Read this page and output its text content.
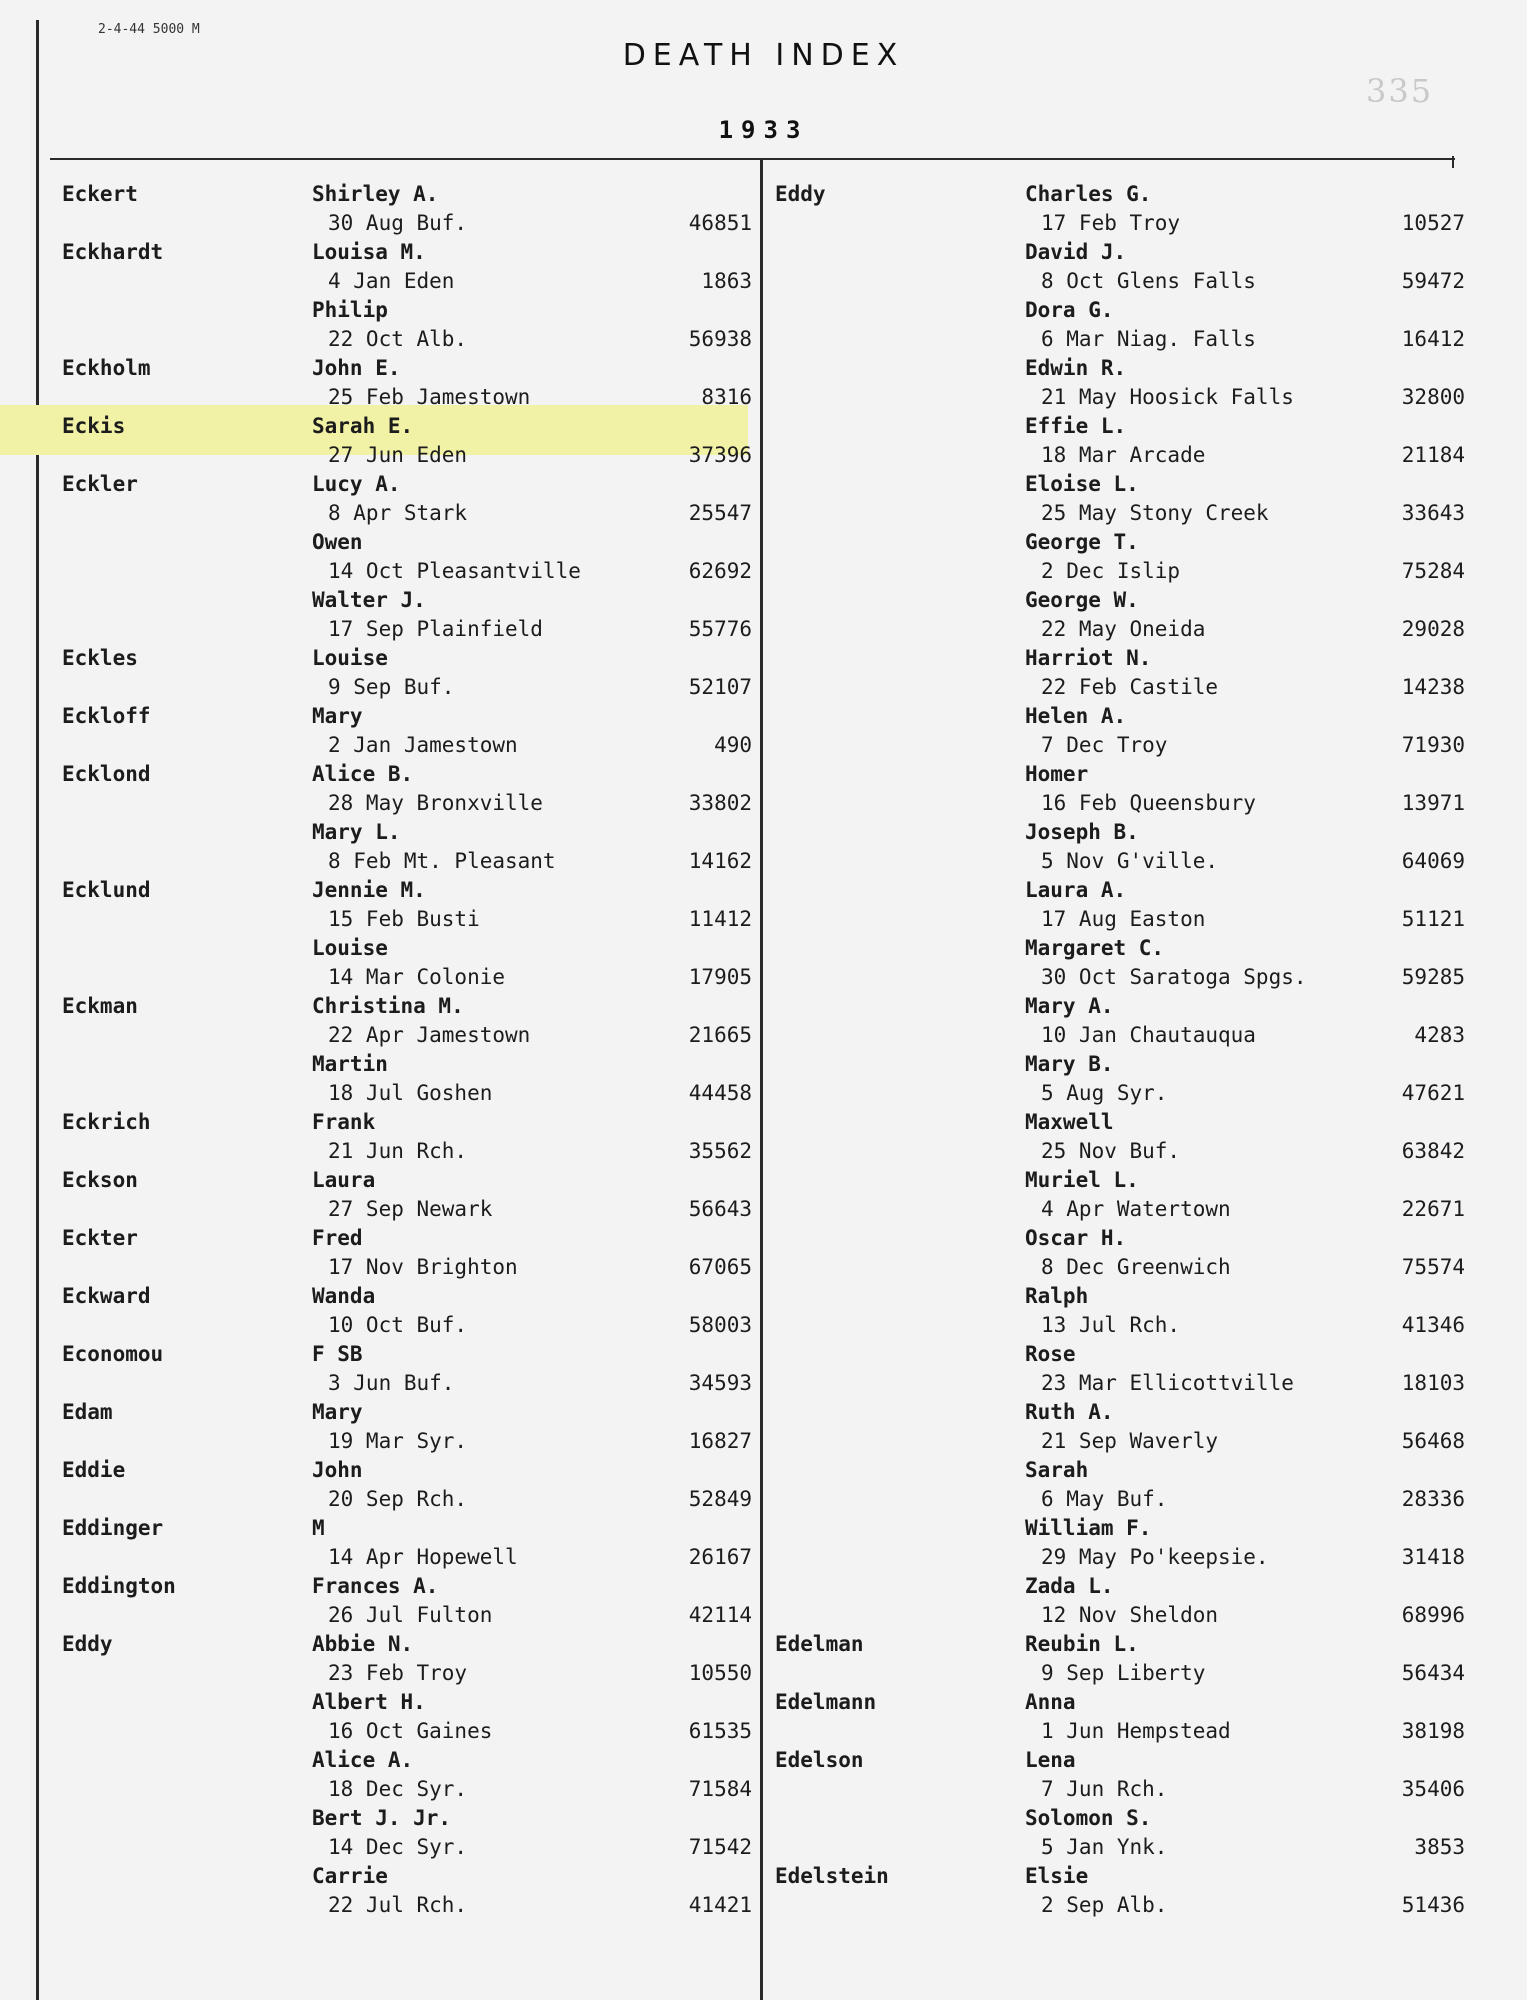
2-4-44 5000 M
DEATH INDEX
335
1933
Eckert	Shirley A.
30 Aug Buf.	46851
Eckhardt	Louisa M.
4 Jan Eden	1863
Philip
22 Oct Alb.	56938
Eckholm	John E.
25 Feb Jamestown	8316
Eckis	Sarah E.
27 Jun Eden	37396
Eckler	Lucy A.
8 Apr Stark	25547
Owen
14 Oct Pleasantville	62692
Walter J.
17 Sep Plainfield	55776
Eckles	Louise
9 Sep Buf.	52107
Eckloff	Mary
2 Jan Jamestown	490
Ecklond	Alice B.
28 May Bronxville	33802
Mary L.
8 Feb Mt. Pleasant	14162
Ecklund	Jennie M.
15 Feb Busti	11412
Louise
14 Mar Colonie	17905
Eckman	Christina M.
22 Apr Jamestown	21665
Martin
18 Jul Goshen	44458
Eckrich	Frank
21 Jun Rch.	35562
Eckson	Laura
27 Sep Newark	56643
Eckter	Fred
17 Nov Brighton	67065
Eckward	Wanda
10 Oct Buf.	58003
Economou	F SB
3 Jun Buf.	34593
Edam	Mary
19 Mar Syr.	16827
Eddie	John
20 Sep Rch.	52849
Eddinger	M
14 Apr Hopewell	26167
Eddington	Frances A.
26 Jul Fulton	42114
Eddy	Abbie N.
23 Feb Troy	10550
Albert H.
16 Oct Gaines	61535
Alice A.
18 Dec Syr.	71584
Bert J. Jr.
14 Dec Syr.	71542
Carrie
22 Jul Rch.	41421
Eddy	Charles G.
17 Feb Troy	10527
David J.
8 Oct Glens Falls	59472
Dora G.
6 Mar Niag. Falls	16412
Edwin R.
21 May Hoosick Falls	32800
Effie L.
18 Mar Arcade	21184
Eloise L.
25 May Stony Creek	33643
George T.
2 Dec Islip	75284
George W.
22 May Oneida	29028
Harriot N.
22 Feb Castile	14238
Helen A.
7 Dec Troy	71930
Homer
16 Feb Queensbury	13971
Joseph B.
5 Nov G'ville.	64069
Laura A.
17 Aug Easton	51121
Margaret C.
30 Oct Saratoga Spgs.	59285
Mary A.
10 Jan Chautauqua	4283
Mary B.
5 Aug Syr.	47621
Maxwell
25 Nov Buf.	63842
Muriel L.
4 Apr Watertown	22671
Oscar H.
8 Dec Greenwich	75574
Ralph
13 Jul Rch.	41346
Rose
23 Mar Ellicottville	18103
Ruth A.
21 Sep Waverly	56468
Sarah
6 May Buf.	28336
William F.
29 May Po'keepsie.	31418
Zada L.
12 Nov Sheldon	68996
Edelman	Reubin L.
9 Sep Liberty	56434
Edelmann	Anna
1 Jun Hempstead	38198
Edelson	Lena
7 Jun Rch.	35406
Solomon S.
5 Jan Ynk.	3853
Edelstein	Elsie
2 Sep Alb.	51436
